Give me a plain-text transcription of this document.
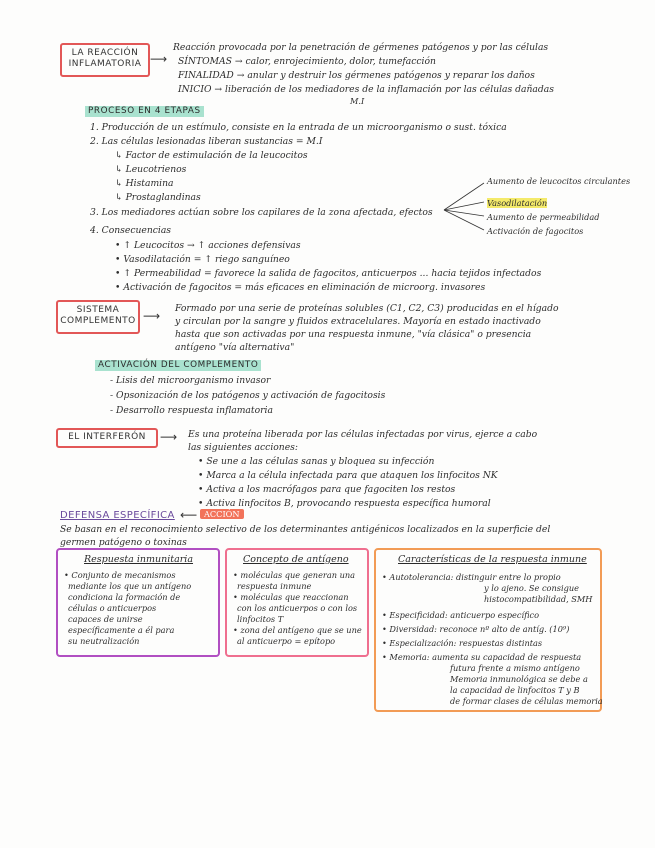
LA REACCIÓN INFLAMATORIA ⟶
Reacción provocada por la penetración de gérmenes patógenos y por las células
SÍNTOMAS → calor, enrojecimiento, dolor, tumefacción
FINALIDAD → anular y destruir los gérmenes patógenos y reparar los daños
INICIO → liberación de los mediadores de la inflamación por las células dañadas
M.I
PROCESO EN 4 ETAPAS
1. Producción de un estímulo, consiste en la entrada de un microorganismo o sust. tóxica
2. Las células lesionadas liberan sustancias = M.I
↳ Factor de estimulación de la leucocitos
↳ Leucotrienos
↳ Histamina
↳ Prostaglandinas
3. Los mediadores actúan sobre los capilares de la zona afectada, efectos
Aumento de leucocitos circulantes
Vasodilatación
Aumento de permeabilidad
Activación de fagocitos
4. Consecuencias
• ↑ Leucocitos → ↑ acciones defensivas
• Vasodilatación = ↑ riego sanguíneo
• ↑ Permeabilidad = favorece la salida de fagocitos, anticuerpos ... hacia tejidos infectados
• Activación de fagocitos = más eficaces en eliminación de microorg. invasores
SISTEMA COMPLEMENTO ⟶
Formado por una serie de proteínas solubles (C1, C2, C3) producidas en el hígado
y circulan por la sangre y fluidos extracelulares. Mayoría en estado inactivado
hasta que son activadas por una respuesta inmune, "vía clásica" o presencia
antígeno "vía alternativa"
ACTIVACIÓN DEL COMPLEMENTO
- Lisis del microorganismo invasor
- Opsonización de los patógenos y activación de fagocitosis
- Desarrollo respuesta inflamatoria
EL INTERFERÓN	⟶ Es una proteína liberada por las células infectadas por virus, ejerce a cabo
las siguientes acciones:
• Se une a las células sanas y bloquea su infección
• Marca a la célula infectada para que ataquen los linfocitos NK
• Activa a los macrófagos para que fagociten los restos
• Activa linfocitos B, provocando respuesta específica humoral
DEFENSA ESPECÍFICA ⟵ ACCIÓN
Se basan en el reconocimiento selectivo de los determinantes antigénicos localizados en la superficie del
germen patógeno o toxinas
Respuesta inmunitaria
• Conjunto de mecanismos
mediante los que un antígeno
condiciona la formación de
células o anticuerpos
capaces de unirse
específicamente a él para
su neutralización
Concepto de antígeno
• moléculas que generan una
respuesta inmune
• moléculas que reaccionan
con los anticuerpos o con los
linfocitos T
• zona del antígeno que se une
al anticuerpo = epítopo
Características de la respuesta inmune
• Autotolerancia: distinguir entre lo propio
y lo ajeno. Se consigue
histocompatibilidad, SMH
• Especificidad: anticuerpo específico
• Diversidad: reconoce nº alto de antíg. (10⁹)
• Especialización: respuestas distintas
• Memoria: aumenta su capacidad de respuesta
futura frente a mismo antígeno
Memoria inmunológica se debe a
la capacidad de linfocitos T y B
de formar clases de células memoria
